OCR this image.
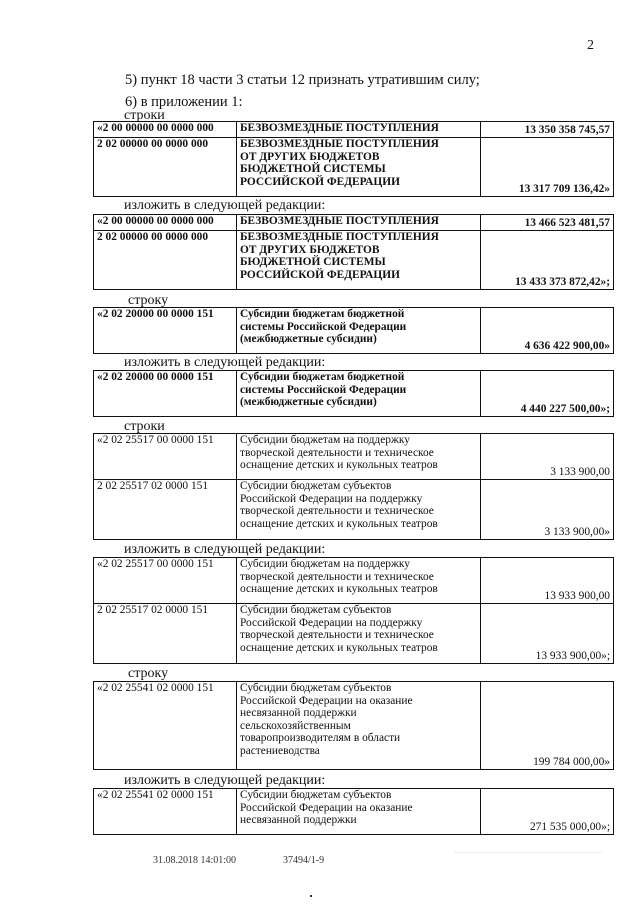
2
5) пункт 18 части 3 статьи 12 признать утратившим силу;
6) в приложении 1:
строки
«2 00 00000 00 0000 000	БЕЗВОЗМЕЗДНЫЕ ПОСТУПЛЕНИЯ	13 350 358 745,57
2 02 00000 00 0000 000	БЕЗВОЗМЕЗДНЫЕ ПОСТУПЛЕНИЯ
ОТ ДРУГИХ БЮДЖЕТОВ
БЮДЖЕТНОЙ СИСТЕМЫ
РОССИЙСКОЙ ФЕДЕРАЦИИ	13 317 709 136,42»
изложить в следующей редакции:
«2 00 00000 00 0000 000	БЕЗВОЗМЕЗДНЫЕ ПОСТУПЛЕНИЯ	13 466 523 481,57
2 02 00000 00 0000 000	БЕЗВОЗМЕЗДНЫЕ ПОСТУПЛЕНИЯ
ОТ ДРУГИХ БЮДЖЕТОВ
БЮДЖЕТНОЙ СИСТЕМЫ
РОССИЙСКОЙ ФЕДЕРАЦИИ	13 433 373 872,42»;
строку
«2 02 20000 00 0000 151	Субсидии бюджетам бюджетной
системы Российской Федерации
(межбюджетные субсидии)
	4 636 422 900,00»
изложить в следующей редакции:
«2 02 20000 00 0000 151	Субсидии бюджетам бюджетной
системы Российской Федерации
(межбюджетные субсидии)
	4 440 227 500,00»;
строки
«2 02 25517 00 0000 151	Субсидии бюджетам на поддержку
творческой деятельности и техническое
оснащение детских и кукольных театров	3 133 900,00
2 02 25517 02 0000 151	Субсидии бюджетам субъектов
Российской Федерации на поддержку
творческой деятельности и техническое
оснащение детских и кукольных театров	3 133 900,00»
изложить в следующей редакции:
«2 02 25517 00 0000 151	Субсидии бюджетам на поддержку
творческой деятельности и техническое
оснащение детских и кукольных театров	13 933 900,00
2 02 25517 02 0000 151	Субсидии бюджетам субъектов
Российской Федерации на поддержку
творческой деятельности и техническое
оснащение детских и кукольных театров	13 933 900,00»;
строку
«2 02 25541 02 0000 151	Субсидии бюджетам субъектов
Российской Федерации на оказание
несвязанной поддержки
сельскохозяйственным
товаропроизводителям в области
растениеводства
	199 784 000,00»
изложить в следующей редакции:
«2 02 25541 02 0000 151	Субсидии бюджетам субъектов
Российской Федерации на оказание
несвязанной поддержки
	271 535 000,00»;
31.08.2018 14:01:00	37494/1-9
